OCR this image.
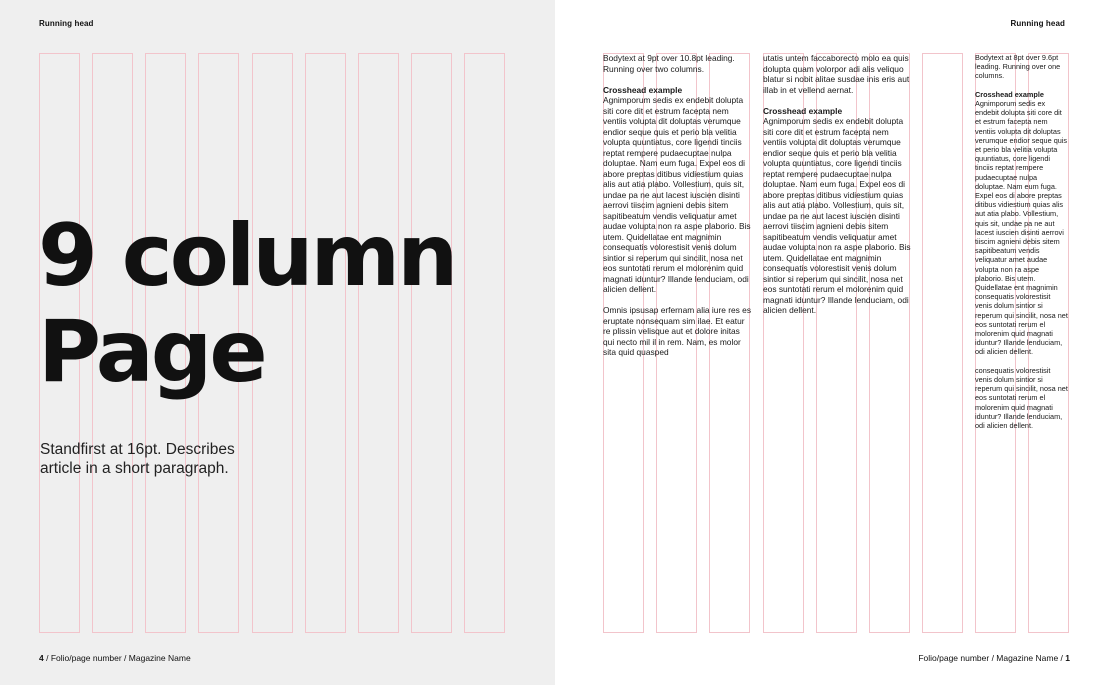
Running head
9 column
Page

Standfirst at 16pt. Describes article in a short paragraph.

4 / Folio/page number / Magazine Name
Running head

Bodytext at 9pt over 10.8pt leading. Running over two columns.

Crosshead example
Agnimporum sedis ex endebit dolupta siti core dit et estrum facepta nem ventiis volupta dit doluptas verumque endior seque quis et perio bla velitia volupta quuntiatus, core ligendi tinciis reptat rempere pudaecuptae nulpa doluptae. Nam eum fuga. Expel eos di abore preptas ditibus vidiestium quias alis aut atia plabo. Vollestium, quis sit, undae pa ne aut lacest iuscien disinti aerrovi tiiscim agnieni debis sitem sapitibeatum vendis veliquatur amet audae volupta non ra aspe plaborio. Bis utem. Quidellatae ent magnimin consequatis volorestisit venis dolum sintior si reperum qui sincilit, nosa net eos suntotati rerum el molorenim quid magnati iduntur? Illande lenduciam, odi alicien dellent.

Omnis ipsusap erfernam alia iure res es eruptate nonsequam sim ilae. Et eatur re plissin velisque aut et dolore initas qui necto mil il in rem. Nam, es molor sita quid quasped

utatis untem faccaborecto molo ea quis dolupta quam volorpor adi alis veliquo blatur si nobit alitae susdae inis eris aut illab in et vellend aernat.

Crosshead example
Agnimporum sedis ex endebit dolupta siti core dit et estrum facepta nem ventiis volupta dit doluptas verumque endior seque quis et perio bla velitia volupta quuntiatus, core ligendi tinciis reptat rempere pudaecuptae nulpa doluptae. Nam eum fuga. Expel eos di abore preptas ditibus vidiestium quias alis aut atia plabo. Vollestium, quis sit, undae pa ne aut lacest iuscien disinti aerrovi tiiscim agnieni debis sitem sapitibeatum vendis veliquatur amet audae volupta non ra aspe plaborio. Bis utem. Quidellatae ent magnimin consequatis volorestisit venis dolum sintior si reperum qui sincilit, nosa net eos suntotati rerum el molorenim quid magnati iduntur? Illande lenduciam, odi alicien dellent.

Bodytext at 8pt over 9.6pt leading. Running over one columns.

Crosshead example
Agnimporum sedis ex endebit dolupta siti core dit et estrum facepta nem ventiis volupta dit doluptas verumque endior seque quis et perio bla velitia volupta quuntiatus, core ligendi tinciis reptat rempere pudaecuptae nulpa doluptae. Nam eum fuga. Expel eos di abore preptas ditibus vidiestium quias alis aut atia plabo. Vollestium, quis sit, undae pa ne aut lacest iuscien disinti aerrovi tiiscim agnieni debis sitem sapitibeatum vendis veliquatur amet audae volupta non ra aspe plaborio. Bis utem. Quidellatae ent magnimin consequatis volorestisit venis dolum sintior si reperum qui sincilit, nosa net eos suntotati rerum el molorenim quid magnati iduntur? Illande lenduciam, odi alicien dellent.

consequatis volorestisit venis dolum sintior si reperum qui sincilit, nosa net eos suntotati rerum el molorenim quid magnati iduntur? Illande lenduciam, odi alicien dellent.

Folio/page number / Magazine Name / 1
